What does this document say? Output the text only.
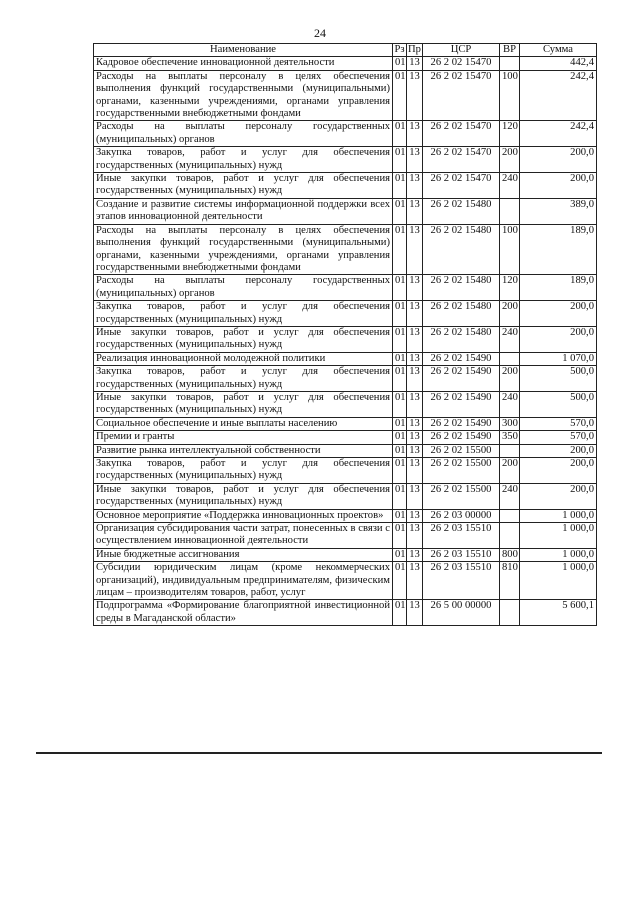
24
Наименование	Рз	Пр	ЦСР	ВР	Сумма
Кадровое обеспечение инновационной деятельности	01	13	26 2 02 15470		442,4
Расходы на выплаты персоналу в целях обеспечения выполнения функций государственными (муниципальными) органами, казенными учреждениями, органами управления государственными внебюджетными фондами	01	13	26 2 02 15470	100	242,4
Расходы на выплаты персоналу государственных (муниципальных) органов	01	13	26 2 02 15470	120	242,4
Закупка товаров, работ и услуг для обеспечения государственных (муниципальных) нужд	01	13	26 2 02 15470	200	200,0
Иные закупки товаров, работ и услуг для обеспечения государственных (муниципальных) нужд	01	13	26 2 02 15470	240	200,0
Создание и развитие системы информационной поддержки всех этапов инновационной деятельности	01	13	26 2 02 15480		389,0
Расходы на выплаты персоналу в целях обеспечения выполнения функций государственными (муниципальными) органами, казенными учреждениями, органами управления государственными внебюджетными фондами	01	13	26 2 02 15480	100	189,0
Расходы на выплаты персоналу государственных (муниципальных) органов	01	13	26 2 02 15480	120	189,0
Закупка товаров, работ и услуг для обеспечения государственных (муниципальных) нужд	01	13	26 2 02 15480	200	200,0
Иные закупки товаров, работ и услуг для обеспечения государственных (муниципальных) нужд	01	13	26 2 02 15480	240	200,0
Реализация инновационной молодежной политики	01	13	26 2 02 15490		1 070,0
Закупка товаров, работ и услуг для обеспечения государственных (муниципальных) нужд	01	13	26 2 02 15490	200	500,0
Иные закупки товаров, работ и услуг для обеспечения государственных (муниципальных) нужд	01	13	26 2 02 15490	240	500,0
Социальное обеспечение и иные выплаты населению	01	13	26 2 02 15490	300	570,0
Премии и гранты	01	13	26 2 02 15490	350	570,0
Развитие рынка интеллектуальной собственности	01	13	26 2 02 15500		200,0
Закупка товаров, работ и услуг для обеспечения государственных (муниципальных) нужд	01	13	26 2 02 15500	200	200,0
Иные закупки товаров, работ и услуг для обеспечения государственных (муниципальных) нужд	01	13	26 2 02 15500	240	200,0
Основное мероприятие «Поддержка инновационных проектов»	01	13	26 2 03 00000		1 000,0
Организация субсидирования части затрат, понесенных в связи с осуществлением инновационной деятельности	01	13	26 2 03 15510		1 000,0
Иные бюджетные ассигнования	01	13	26 2 03 15510	800	1 000,0
Субсидии юридическим лицам (кроме некоммерческих организаций), индивидуальным предпринимателям, физическим лицам – производителям товаров, работ, услуг	01	13	26 2 03 15510	810	1 000,0
Подпрограмма «Формирование благоприятной инвестиционной среды в Магаданской области»	01	13	26 5 00 00000		5 600,1
